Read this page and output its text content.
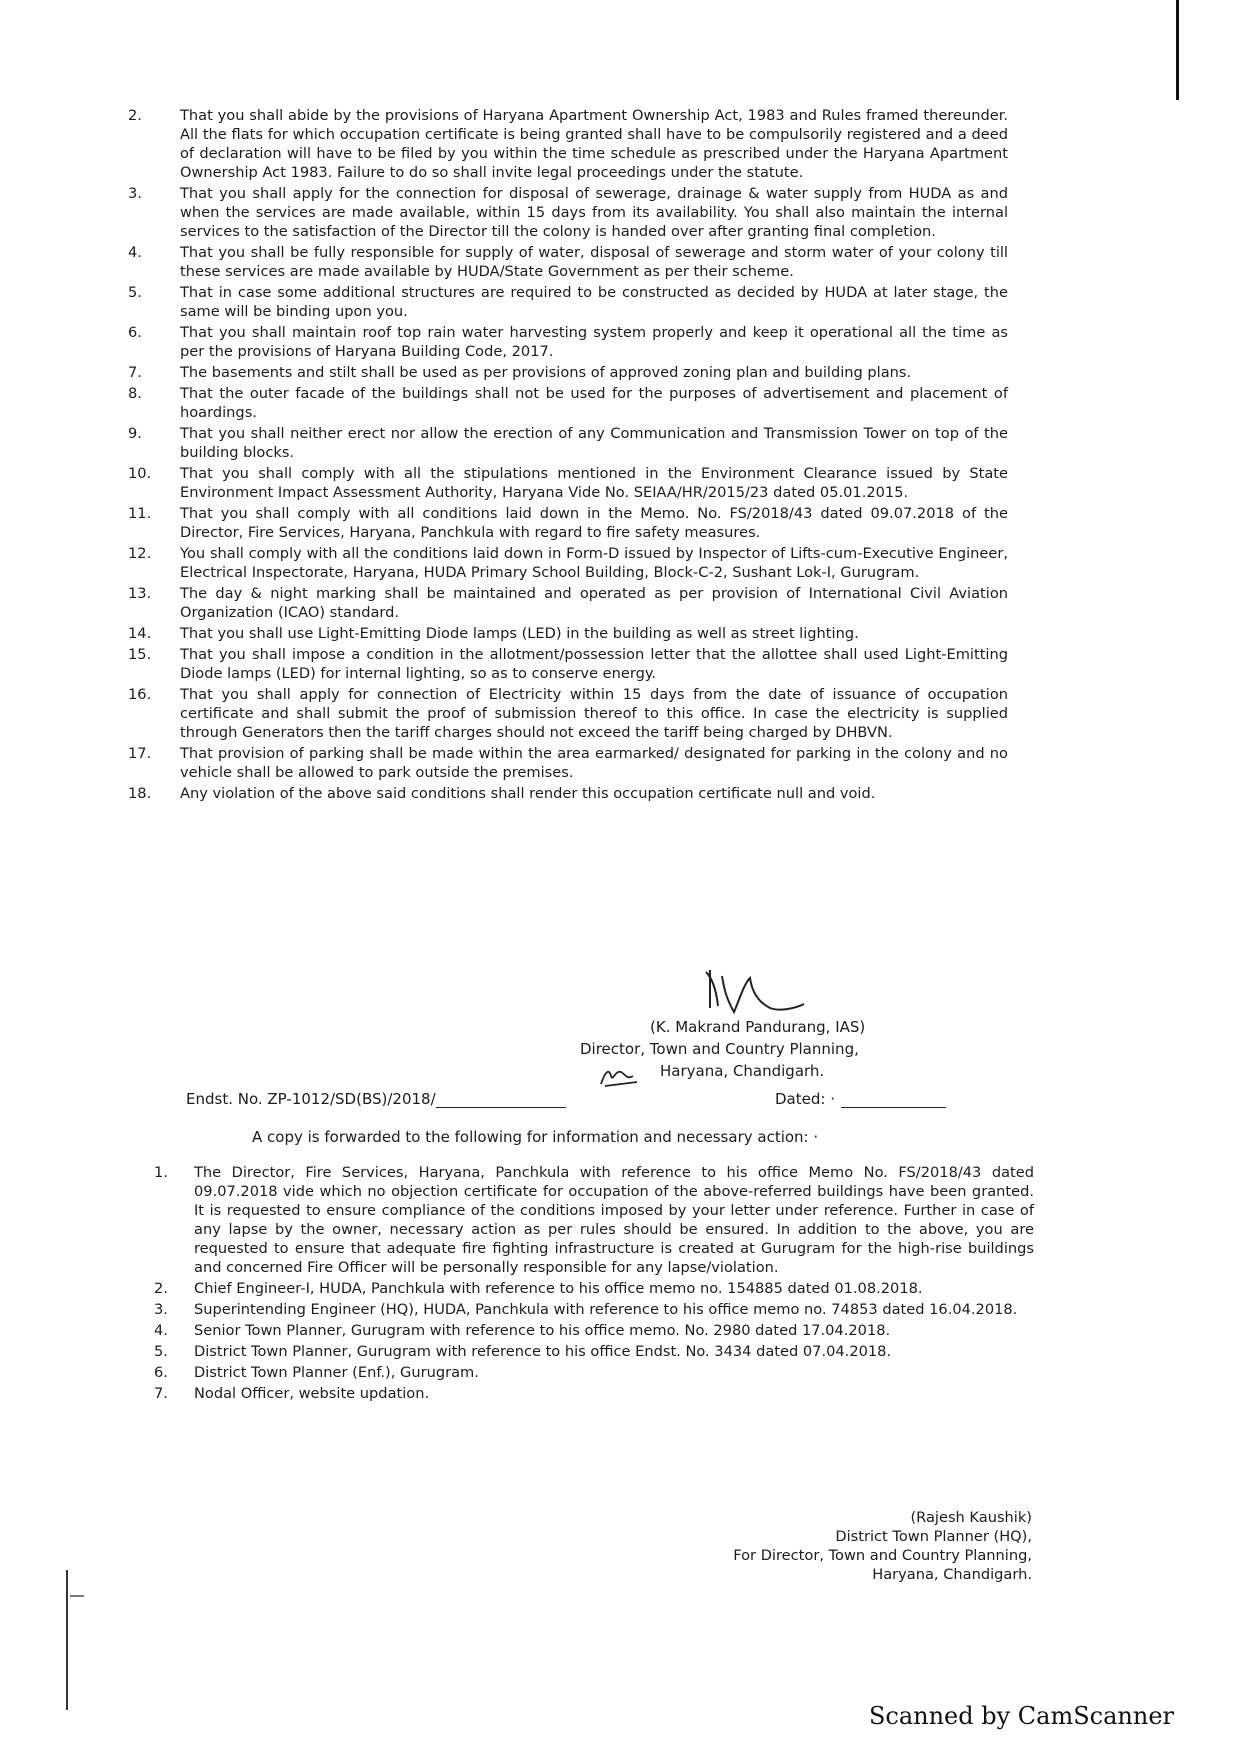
2.	That you shall abide by the provisions of Haryana Apartment Ownership Act, 1983 and Rules framed thereunder. All the flats for which occupation certificate is being granted shall have to be compulsorily registered and a deed of declaration will have to be filed by you within the time schedule as prescribed under the Haryana Apartment Ownership Act 1983. Failure to do so shall invite legal proceedings under the statute.
3.	That you shall apply for the connection for disposal of sewerage, drainage & water supply from HUDA as and when the services are made available, within 15 days from its availability. You shall also maintain the internal services to the satisfaction of the Director till the colony is handed over after granting final completion.
4.	That you shall be fully responsible for supply of water, disposal of sewerage and storm water of your colony till these services are made available by HUDA/State Government as per their scheme.
5.	That in case some additional structures are required to be constructed as decided by HUDA at later stage, the same will be binding upon you.
6.	That you shall maintain roof top rain water harvesting system properly and keep it operational all the time as per the provisions of Haryana Building Code, 2017.
7.	The basements and stilt shall be used as per provisions of approved zoning plan and building plans.
8.	That the outer facade of the buildings shall not be used for the purposes of advertisement and placement of hoardings.
9.	That you shall neither erect nor allow the erection of any Communication and Transmission Tower on top of the building blocks.
10.	That you shall comply with all the stipulations mentioned in the Environment Clearance issued by State Environment Impact Assessment Authority, Haryana Vide No. SEIAA/HR/2015/23 dated 05.01.2015.
11.	That you shall comply with all conditions laid down in the Memo. No. FS/2018/43 dated 09.07.2018 of the Director, Fire Services, Haryana, Panchkula with regard to fire safety measures.
12.	You shall comply with all the conditions laid down in Form-D issued by Inspector of Lifts-cum-Executive Engineer, Electrical Inspectorate, Haryana, HUDA Primary School Building, Block-C-2, Sushant Lok-I, Gurugram.
13.	The day & night marking shall be maintained and operated as per provision of International Civil Aviation Organization (ICAO) standard.
14.	That you shall use Light-Emitting Diode lamps (LED) in the building as well as street lighting.
15.	That you shall impose a condition in the allotment/possession letter that the allottee shall used Light-Emitting Diode lamps (LED) for internal lighting, so as to conserve energy.
16.	That you shall apply for connection of Electricity within 15 days from the date of issuance of occupation certificate and shall submit the proof of submission thereof to this office. In case the electricity is supplied through Generators then the tariff charges should not exceed the tariff being charged by DHBVN.
17.	That provision of parking shall be made within the area earmarked/ designated for parking in the colony and no vehicle shall be allowed to park outside the premises.
18.	Any violation of the above said conditions shall render this occupation certificate null and void.
(K. Makrand Pandurang, IAS)
Director, Town and Country Planning,
Haryana, Chandigarh.
Endst. No. ZP-1012/SD(BS)/2018/	Dated: ·
A copy is forwarded to the following for information and necessary action: ·
1.	The Director, Fire Services, Haryana, Panchkula with reference to his office Memo No. FS/2018/43 dated 09.07.2018 vide which no objection certificate for occupation of the above-referred buildings have been granted. It is requested to ensure compliance of the conditions imposed by your letter under reference. Further in case of any lapse by the owner, necessary action as per rules should be ensured. In addition to the above, you are requested to ensure that adequate fire fighting infrastructure is created at Gurugram for the high-rise buildings and concerned Fire Officer will be personally responsible for any lapse/violation.
2.	Chief Engineer-I, HUDA, Panchkula with reference to his office memo no. 154885 dated 01.08.2018.
3.	Superintending Engineer (HQ), HUDA, Panchkula with reference to his office memo no. 74853 dated 16.04.2018.
4.	Senior Town Planner, Gurugram with reference to his office memo. No. 2980 dated 17.04.2018.
5.	District Town Planner, Gurugram with reference to his office Endst. No. 3434 dated 07.04.2018.
6.	District Town Planner (Enf.), Gurugram.
7.	Nodal Officer, website updation.
(Rajesh Kaushik)
District Town Planner (HQ),
For Director, Town and Country Planning,
Haryana, Chandigarh.
Scanned by CamScanner
